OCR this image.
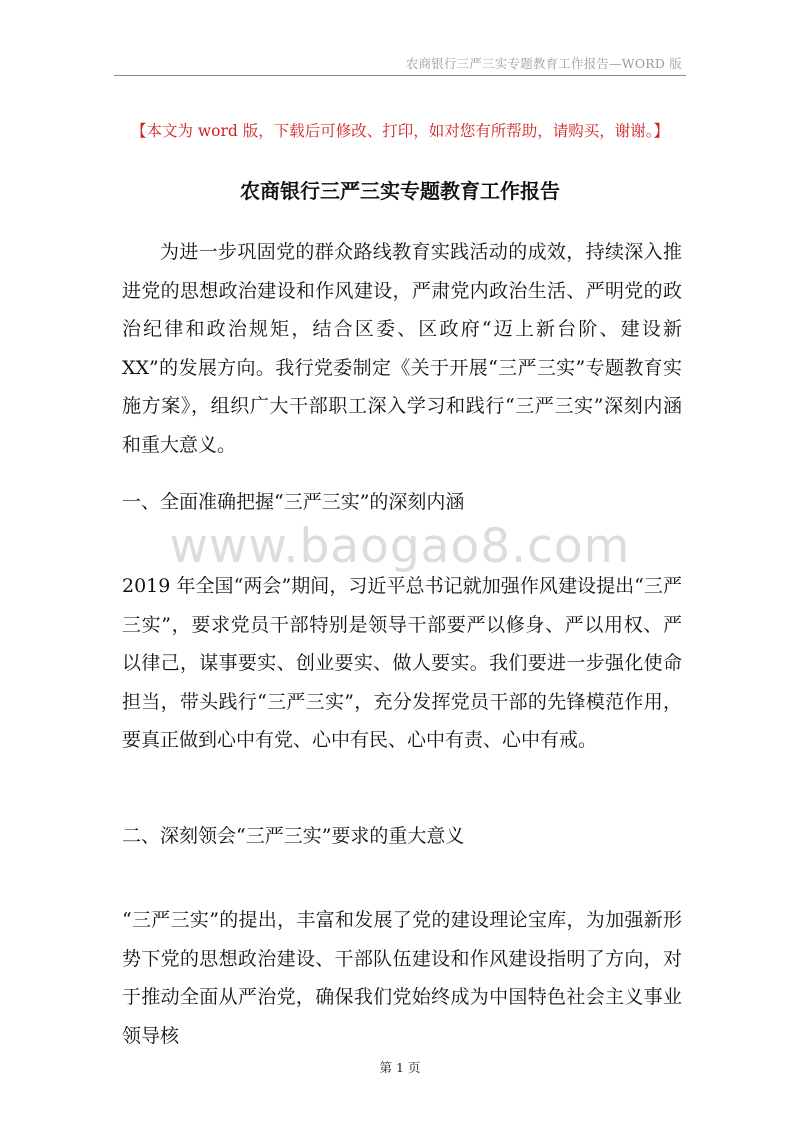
农商银行三严三实专题教育工作报告—WORD 版
【本文为 word 版，下载后可修改、打印，如对您有所帮助，请购买，谢谢。】
农商银行三严三实专题教育工作报告

为进一步巩固党的群众路线教育实践活动的成效，持续深入推进党的思想政治建设和作风建设，严肃党内政治生活、严明党的政治纪律和政治规矩，结合区委、区政府“迈上新台阶、建设新 XX”的发展方向。我行党委制定《关于开展“三严三实”专题教育实施方案》，组织广大干部职工深入学习和践行“三严三实”深刻内涵和重大意义。

一、全面准确把握“三严三实”的深刻内涵

www.baogao8.com

2019 年全国“两会”期间，习近平总书记就加强作风建设提出“三严三实”，要求党员干部特别是领导干部要严以修身、严以用权、严以律己，谋事要实、创业要实、做人要实。我们要进一步强化使命担当，带头践行“三严三实”，充分发挥党员干部的先锋模范作用，要真正做到心中有党、心中有民、心中有责、心中有戒。

二、深刻领会“三严三实”要求的重大意义

“三严三实”的提出，丰富和发展了党的建设理论宝库，为加强新形势下党的思想政治建设、干部队伍建设和作风建设指明了方向，对于推动全面从严治党，确保我们党始终成为中国特色社会主义事业领导核

第 1 页
